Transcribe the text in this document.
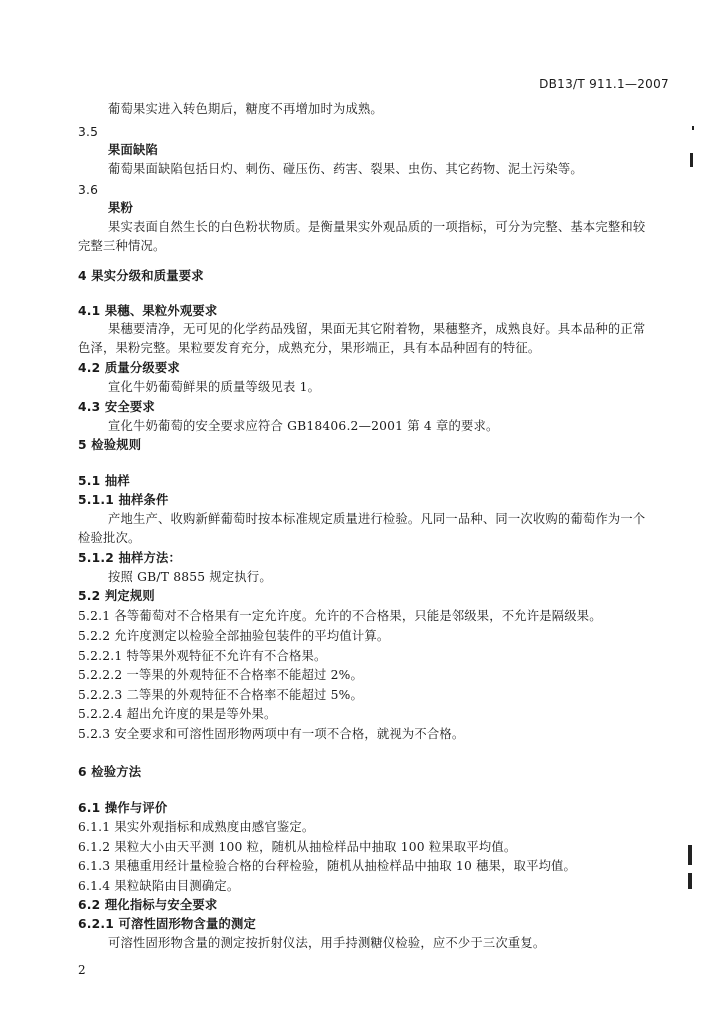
DB13/T 911.1—2007
葡萄果实进入转色期后，糖度不再增加时为成熟。
3.5
果面缺陷
葡萄果面缺陷包括日灼、刺伤、碰压伤、药害、裂果、虫伤、其它药物、泥土污染等。
3.6
果粉
果实表面自然生长的白色粉状物质。是衡量果实外观品质的一项指标，可分为完整、基本完整和较
完整三种情况。
4 果实分级和质量要求
4.1 果穗、果粒外观要求
果穗要清净，无可见的化学药品残留，果面无其它附着物，果穗整齐，成熟良好。具本品种的正常
色泽，果粉完整。果粒要发育充分，成熟充分，果形端正，具有本品种固有的特征。
4.2 质量分级要求
宣化牛奶葡萄鲜果的质量等级见表 1。
4.3 安全要求
宣化牛奶葡萄的安全要求应符合 GB18406.2—2001 第 4 章的要求。
5 检验规则
5.1 抽样
5.1.1 抽样条件
产地生产、收购新鲜葡萄时按本标准规定质量进行检验。凡同一品种、同一次收购的葡萄作为一个
检验批次。
5.1.2 抽样方法：
按照 GB/T 8855 规定执行。
5.2 判定规则
5.2.1 各等葡萄对不合格果有一定允许度。允许的不合格果，只能是邻级果，不允许是隔级果。
5.2.2 允许度测定以检验全部抽验包装件的平均值计算。
5.2.2.1 特等果外观特征不允许有不合格果。
5.2.2.2 一等果的外观特征不合格率不能超过 2%。
5.2.2.3 二等果的外观特征不合格率不能超过 5%。
5.2.2.4 超出允许度的果是等外果。
5.2.3 安全要求和可溶性固形物两项中有一项不合格，就视为不合格。
6 检验方法
6.1 操作与评价
6.1.1 果实外观指标和成熟度由感官鉴定。
6.1.2 果粒大小由天平测 100 粒，随机从抽检样品中抽取 100 粒果取平均值。
6.1.3 果穗重用经计量检验合格的台秤检验，随机从抽检样品中抽取 10 穗果，取平均值。
6.1.4 果粒缺陷由目测确定。
6.2 理化指标与安全要求
6.2.1 可溶性固形物含量的测定
可溶性固形物含量的测定按折射仪法，用手持测糖仪检验，应不少于三次重复。
2
